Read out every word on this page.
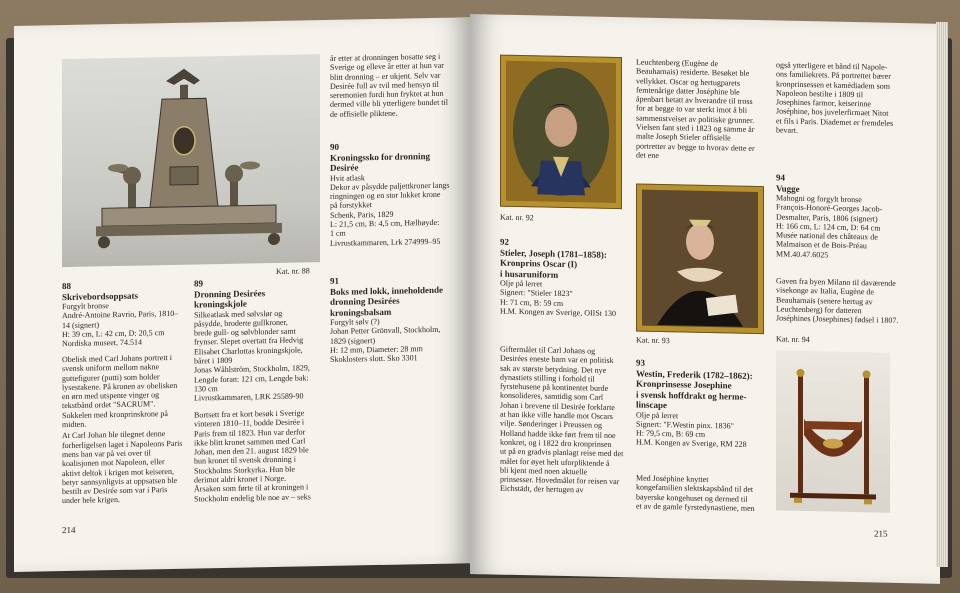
Kat. nr. 88
88
Skrivebordsoppsats

Forgylt bronse

André-Antoine Ravrio, Paris, 1810–

14 (signert)

H: 39 cm, L: 42 cm, D: 20,5 cm

Nordiska museet, 74.514

Obelisk med Carl Johans portrett i

svensk uniform mellom nakne

guttefigurer (putti) som holder

lysestakene. På kronen av obelisken

en ørn med utspente vinger og

tekstbånd ordet "SACRUM".

Sokkelen med kronprinskrone på

midten.

At Carl Johan ble tilegnet denne

forherligelsen laget i Napoleons Paris

mens han var på vei over til

koalisjonen mot Napoleon, eller

aktivt deltok i krigen mot keiseren,

betyr sannsynligvis at oppsatsen ble

bestilt av Desirée som var i Paris

under hele krigen.

89
Dronning Desirées
kroningskjole

Silkeatlask med sølvslør og

påsydde, broderte gullkroner,

brede gull- og sølvblonder samt

frynser. Slepet overtatt fra Hedvig

Elisabet Charlottas kroningskjole,

båret i 1809

Jonas Wåhlström, Stockholm, 1829,

Lengde foran: 121 cm, Lengde bak:

130 cm

Livrustkammaren, LRK 25589-90

Bortsett fra et kort besøk i Sverige

vinteren 1810–11, bodde Desirée i

Paris frem til 1823. Hun var derfor

ikke blitt kronet sammen med Carl

Johan, men den 21. august 1829 ble

hun kronet til svensk dronning i

Stockholms Storkyrka. Hun ble

derimot aldri kronet i Norge.

Årsaken som førte til at kroningen i

Stockholm endelig ble noe av – seks

år etter at dronningen bosatte seg i

Sverige og elleve år etter at hun var

blitt dronning – er ukjent. Selv var

Desirée full av tvil med hensyn til

seremonien fordi hun fryktet at hun

dermed ville bli ytterligere bundet til

de offisielle pliktene.

90
Kroningssko for dronning
Desirée

Hvit atlask

Dekor av påsydde paljettkroner langs

ringningen og en stor lukket krone

på forstykket

Schenk, Paris, 1829

L: 21,5 cm, B: 4,5 cm, Hælhøyde:

1 cm

Livrustkammaren, Lrk 274999–95

91
Boks med lokk, inneholdende
dronning Desirées
kroningsbalsam

Forgylt sølv (?)

Johan Petter Grönvall, Stockholm,

1829 (signert)

H: 12 mm, Diameter: 28 mm

Skoklosters slott. Sko 3301

214
Kat. nr. 92
Kat. nr. 93	Kat. nr. 94
92
Stieler, Joseph (1781–1858):
Kronprins Oscar (I)
i husaruniform

Olje på lerret

Signert: "Stieler 1823"

H: 71 cm, B: 59 cm

H.M. Kongen av Sverige, OIISt 130

Giftermålet til Carl Johans og

Desirées eneste barn var en politisk

sak av største betydning. Det nye

dynastiets stilling i forhold til

fyrstehusene på kontinentet burde

konsolideres, samtidig som Carl

Johan i brevene til Desirée forklarte

at han ikke ville handle mot Oscars

vilje. Sønderinger i Preussen og

Holland hadde ikke ført frem til noe

konkret, og i 1822 dro kronprinsen

ut på en gradvis planlagt reise med det

målet for øyet helt uforpliktende å

bli kjent med noen aktuelle

prinsesser. Hovedmålet for reisen var

Eichstädt, der hertugen av

Leuchtenberg (Eugène de

Beauharnais) residerte. Besøket ble

vellykket. Oscar og hertugparets

femtenårige datter Joséphine ble

åpenbart betatt av hverandre til tross

for at begge to var sterkt imot å bli

sammenstveiset av politiske grunner.

Vielsen fant sted i 1823 og samme år

malte Joseph Stieler offisielle

portretter av begge to hvorav dette er

det ene

93
Westin, Frederik (1782–1862):
Kronprinsesse Josephine
i svensk hoffdrakt og herme-
linscape

Olje på lerret

Signert: "F.Westin pinx. 1836"

H: 79,5 cm, B: 69 cm

H.M. Kongen av Sverige, RM 228

Med Joséphine knyttet

kongefamilien slektskapsbånd til det

bayerske kongehuset og dermed til

et av de gamle fyrstedynastiene, men

også ytterligere et bånd til Napole-

ons familiekrets. På portrettet bærer

kronprinsessen et kamédiadem som

Napoleon bestilte i 1809 til

Josephines farmor, keiserinne

Joséphine, hos juvelerfirmaet Nitot

et fils i Paris. Diademet er fremdeles

bevart.

94
Vugge

Mahogni og forgylt bronse

François-Honoré-Georges Jacob-

Desmalter, Paris, 1806 (signert)

H: 166 cm, L: 124 cm, D: 64 cm

Musée national des châteaux de

Malmaison et de Bois-Préau

MM.40.47.6025

Gaven fra byen Milano til daværende

visekonge av Italia, Eugène de

Beauharnais (senere hertug av

Leuchtenberg) for datteren

Joséphines (Josephines) fødsel i 1807.

215
